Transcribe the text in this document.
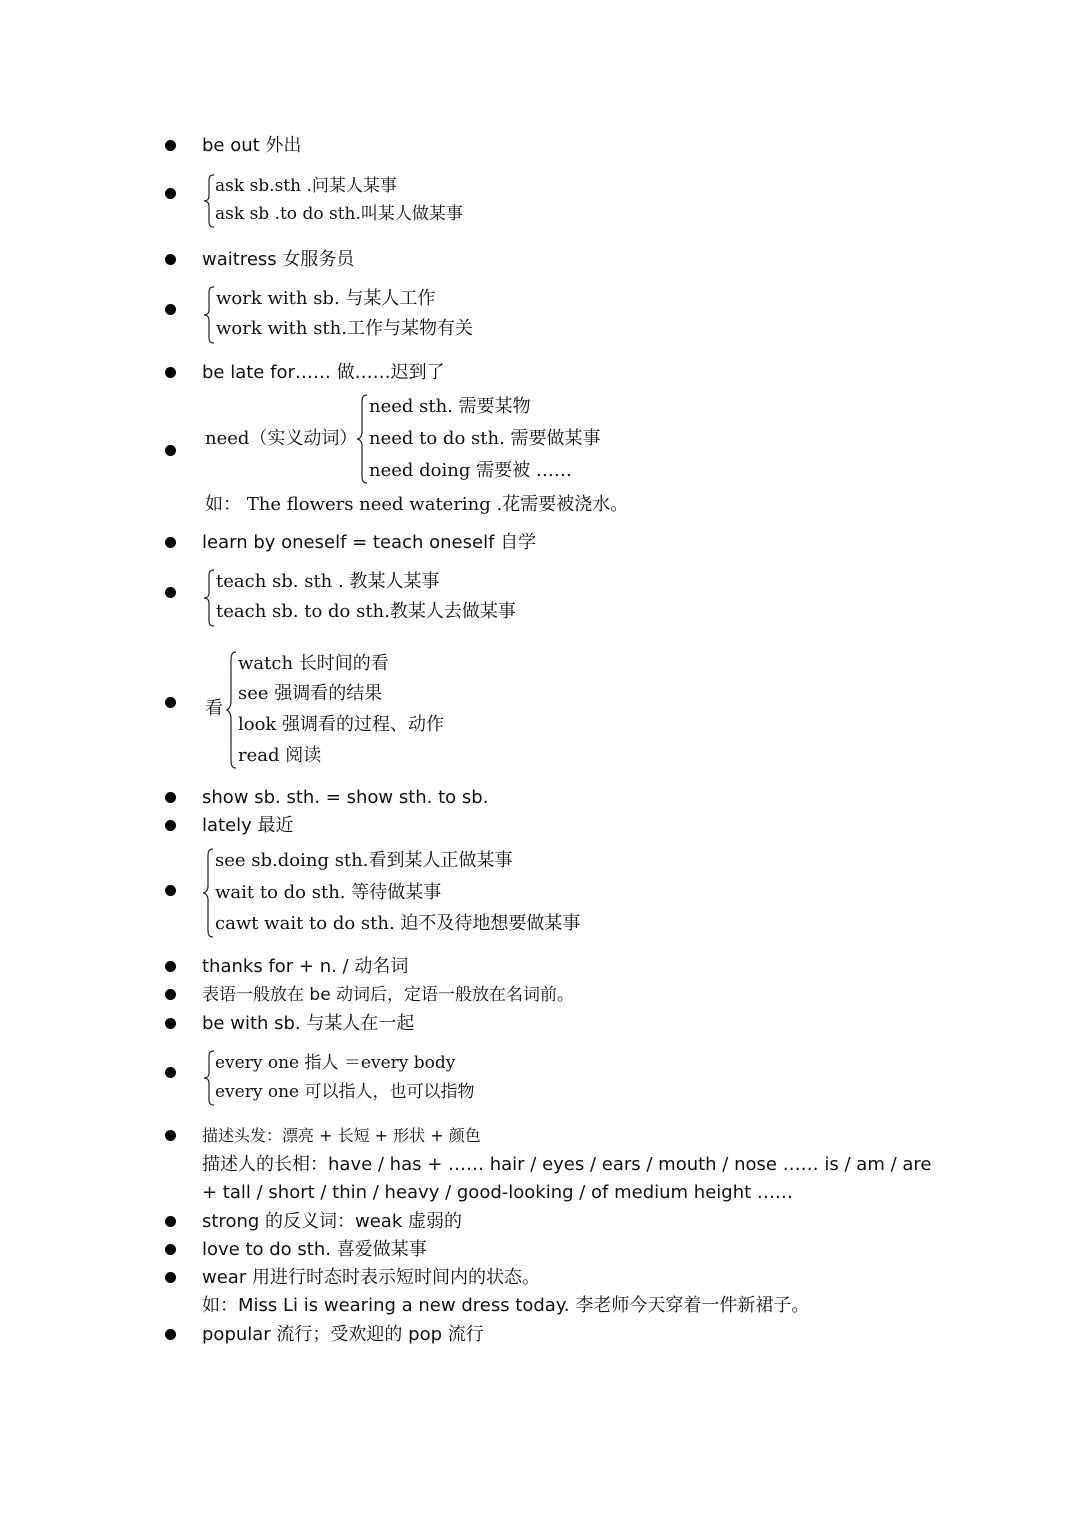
be out 外出
ask sb.sth .问某人某事
ask sb .to do sth.叫某人做某事
waitress 女服务员
work with sb. 与某人工作
work with sth.工作与某物有关
be late for…… 做……迟到了
need（实义动词）
need sth. 需要某物
need to do sth. 需要做某事
need doing 需要被 ……
如： The flowers need watering .花需要被浇水。
learn by oneself = teach oneself 自学
teach sb. sth . 教某人某事
teach sb. to do sth.教某人去做某事
看
watch 长时间的看
see 强调看的结果
look 强调看的过程、动作
read 阅读
show sb. sth. = show sth. to sb.
lately 最近
see sb.doing sth.看到某人正做某事
wait to do sth. 等待做某事
cawt wait to do sth. 迫不及待地想要做某事
thanks for + n. / 动名词
表语一般放在 be 动词后，定语一般放在名词前。
be with sb. 与某人在一起
every one 指人 ＝every body
every one 可以指人，也可以指物
描述头发：漂亮 + 长短 + 形状 + 颜色
描述人的长相：have / has + …… hair / eyes / ears / mouth / nose …… is / am / are
+ tall / short / thin / heavy / good-looking / of medium height ……
strong 的反义词：weak 虚弱的
love to do sth. 喜爱做某事
wear 用进行时态时表示短时间内的状态。
如：Miss Li is wearing a new dress today. 李老师今天穿着一件新裙子。
popular 流行；受欢迎的 pop 流行
